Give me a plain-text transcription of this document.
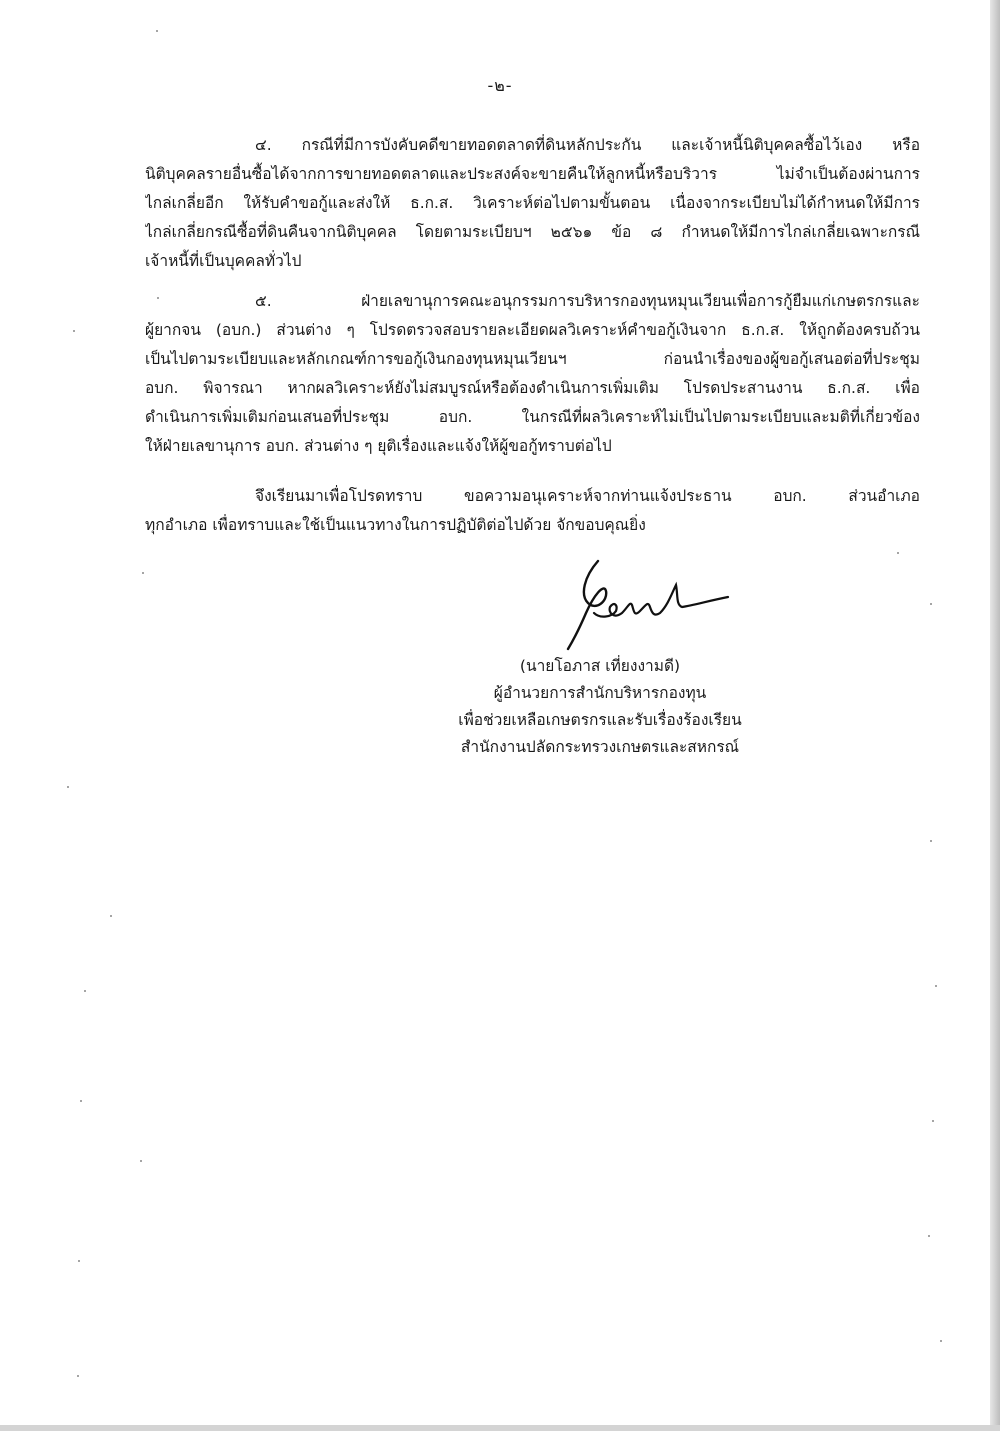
-๒-
๔. กรณีที่มีการบังคับคดีขายทอดตลาดที่ดินหลักประกัน และเจ้าหนี้นิติบุคคลซื้อไว้เอง หรือ
นิติบุคคลรายอื่นซื้อได้จากการขายทอดตลาดและประสงค์จะขายคืนให้ลูกหนี้หรือบริวาร ไม่จำเป็นต้องผ่านการ
ไกล่เกลี่ยอีก ให้รับคำขอกู้และส่งให้ ธ.ก.ส. วิเคราะห์ต่อไปตามขั้นตอน เนื่องจากระเบียบไม่ได้กำหนดให้มีการ
ไกล่เกลี่ยกรณีซื้อที่ดินคืนจากนิติบุคคล โดยตามระเบียบฯ ๒๕๖๑ ข้อ ๘ กำหนดให้มีการไกล่เกลี่ยเฉพาะกรณี
เจ้าหนี้ที่เป็นบุคคลทั่วไป
๕. ฝ่ายเลขานุการคณะอนุกรรมการบริหารกองทุนหมุนเวียนเพื่อการกู้ยืมแก่เกษตรกรและ
ผู้ยากจน (อบก.) ส่วนต่าง ๆ โปรดตรวจสอบรายละเอียดผลวิเคราะห์คำขอกู้เงินจาก ธ.ก.ส. ให้ถูกต้องครบถ้วน
เป็นไปตามระเบียบและหลักเกณฑ์การขอกู้เงินกองทุนหมุนเวียนฯ ก่อนนำเรื่องของผู้ขอกู้เสนอต่อที่ประชุม
อบก. พิจารณา หากผลวิเคราะห์ยังไม่สมบูรณ์หรือต้องดำเนินการเพิ่มเติม โปรดประสานงาน ธ.ก.ส. เพื่อ
ดำเนินการเพิ่มเติมก่อนเสนอที่ประชุม อบก. ในกรณีที่ผลวิเคราะห์ไม่เป็นไปตามระเบียบและมติที่เกี่ยวข้อง
ให้ฝ่ายเลขานุการ อบก. ส่วนต่าง ๆ ยุติเรื่องและแจ้งให้ผู้ขอกู้ทราบต่อไป
จึงเรียนมาเพื่อโปรดทราบ ขอความอนุเคราะห์จากท่านแจ้งประธาน อบก. ส่วนอำเภอ
ทุกอำเภอ เพื่อทราบและใช้เป็นแนวทางในการปฏิบัติต่อไปด้วย จักขอบคุณยิ่ง
(นายโอภาส เที่ยงงามดี)
ผู้อำนวยการสำนักบริหารกองทุน
เพื่อช่วยเหลือเกษตรกรและรับเรื่องร้องเรียน
สำนักงานปลัดกระทรวงเกษตรและสหกรณ์
